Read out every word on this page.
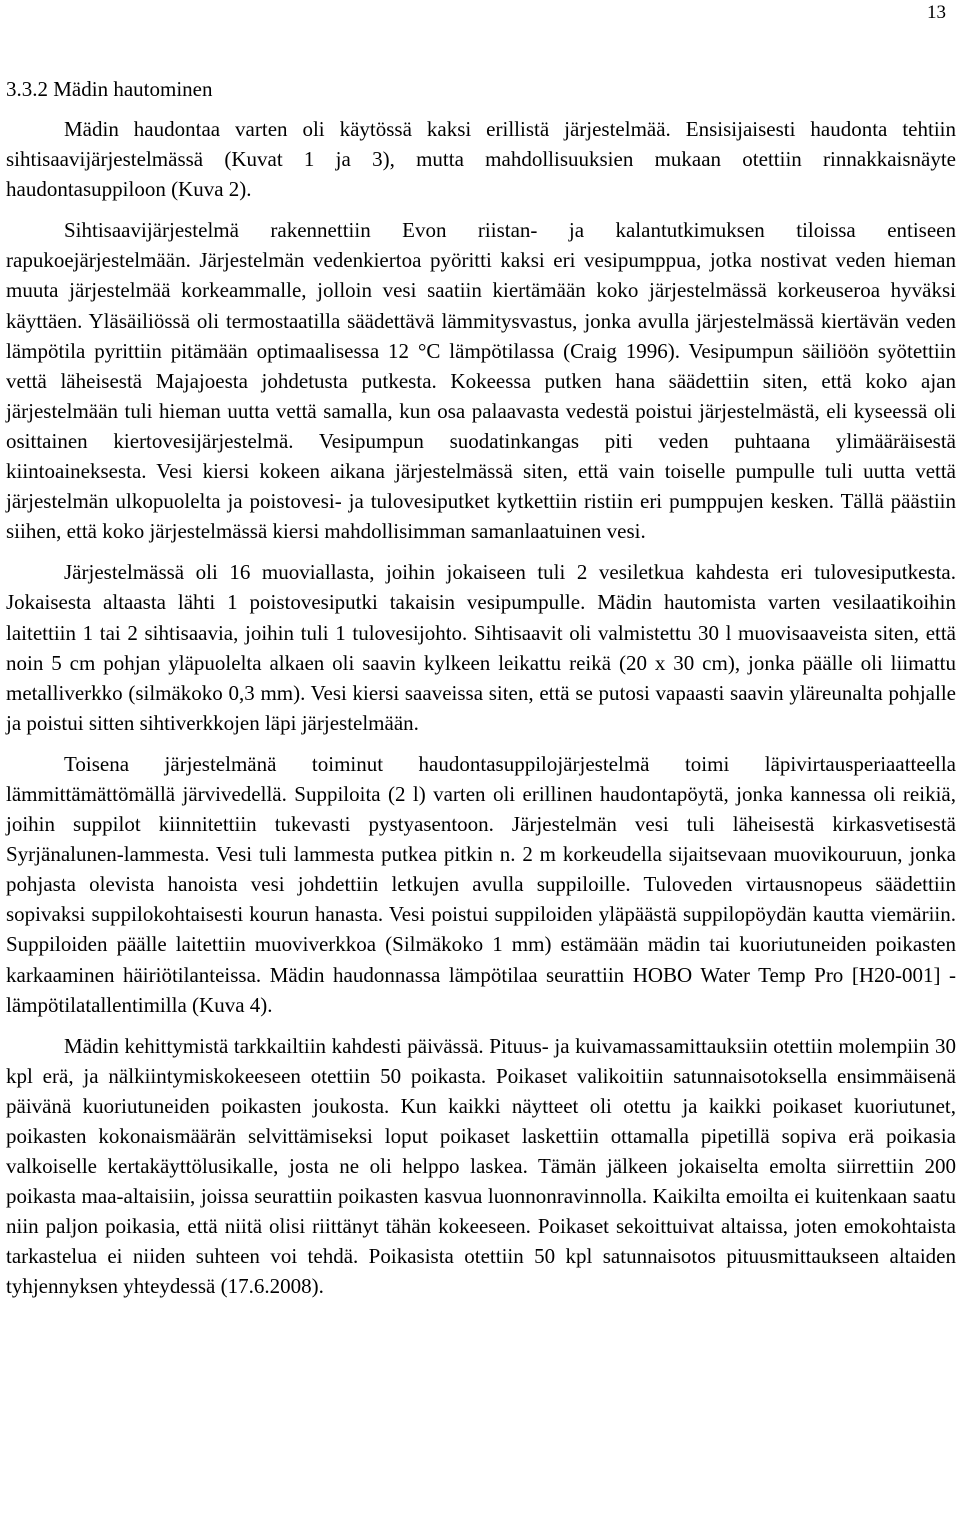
13
3.3.2 Mädin hautominen

Mädin haudontaa varten oli käytössä kaksi erillistä järjestelmää. Ensisijaisesti haudonta tehtiin sihtisaavijärjestelmässä (Kuvat 1 ja 3), mutta mahdollisuuksien mukaan otettiin rinnakkaisnäyte haudontasuppiloon (Kuva 2).

Sihtisaavijärjestelmä rakennettiin Evon riistan- ja kalantutkimuksen tiloissa entiseen rapukoejärjestelmään. Järjestelmän vedenkiertoa pyöritti kaksi eri vesipumppua, jotka nostivat veden hieman muuta järjestelmää korkeammalle, jolloin vesi saatiin kiertämään koko järjestelmässä korkeuseroa hyväksi käyttäen. Yläsäiliössä oli termostaatilla säädettävä lämmitysvastus, jonka avulla järjestelmässä kiertävän veden lämpötila pyrittiin pitämään optimaalisessa 12 °C lämpötilassa (Craig 1996). Vesipumpun säiliöön syötettiin vettä läheisestä Majajoesta johdetusta putkesta. Kokeessa putken hana säädettiin siten, että koko ajan järjestelmään tuli hieman uutta vettä samalla, kun osa palaavasta vedestä poistui järjestelmästä, eli kyseessä oli osittainen kiertovesijärjestelmä. Vesipumpun suodatinkangas piti veden puhtaana ylimääräisestä kiintoaineksesta. Vesi kiersi kokeen aikana järjestelmässä siten, että vain toiselle pumpulle tuli uutta vettä järjestelmän ulkopuolelta ja poistovesi- ja tulovesiputket kytkettiin ristiin eri pumppujen kesken. Tällä päästiin siihen, että koko järjestelmässä kiersi mahdollisimman samanlaatuinen vesi.

Järjestelmässä oli 16 muoviallasta, joihin jokaiseen tuli 2 vesiletkua kahdesta eri tulovesiputkesta. Jokaisesta altaasta lähti 1 poistovesiputki takaisin vesipumpulle. Mädin hautomista varten vesilaatikoihin laitettiin 1 tai 2 sihtisaavia, joihin tuli 1 tulovesijohto. Sihtisaavit oli valmistettu 30 l muovisaaveista siten, että noin 5 cm pohjan yläpuolelta alkaen oli saavin kylkeen leikattu reikä (20 x 30 cm), jonka päälle oli liimattu metalliverkko (silmäkoko 0,3 mm). Vesi kiersi saaveissa siten, että se putosi vapaasti saavin yläreunalta pohjalle ja poistui sitten sihtiverkkojen läpi järjestelmään.

Toisena järjestelmänä toiminut haudontasuppilojärjestelmä toimi läpivirtausperiaatteella lämmittämättömällä järvivedellä. Suppiloita (2 l) varten oli erillinen haudontapöytä, jonka kannessa oli reikiä, joihin suppilot kiinnitettiin tukevasti pystyasentoon. Järjestelmän vesi tuli läheisestä kirkasvetisestä Syrjänalunen-lammesta. Vesi tuli lammesta putkea pitkin n. 2 m korkeudella sijaitsevaan muovikouruun, jonka pohjasta olevista hanoista vesi johdettiin letkujen avulla suppiloille. Tuloveden virtausnopeus säädettiin sopivaksi suppilokohtaisesti kourun hanasta. Vesi poistui suppiloiden yläpäästä suppilopöydän kautta viemäriin. Suppiloiden päälle laitettiin muoviverkkoa (Silmäkoko 1 mm) estämään mädin tai kuoriutuneiden poikasten karkaaminen häiriötilanteissa. Mädin haudonnassa lämpötilaa seurattiin HOBO Water Temp Pro [H20-001] -lämpötilatallentimilla (Kuva 4).

Mädin kehittymistä tarkkailtiin kahdesti päivässä. Pituus- ja kuivamassamittauksiin otettiin molempiin 30 kpl erä, ja nälkiintymiskokeeseen otettiin 50 poikasta. Poikaset valikoitiin satunnaisotoksella ensimmäisenä päivänä kuoriutuneiden poikasten joukosta. Kun kaikki näytteet oli otettu ja kaikki poikaset kuoriutunet, poikasten kokonaismäärän selvittämiseksi loput poikaset laskettiin ottamalla pipetillä sopiva erä poikasia valkoiselle kertakäyttölusikalle, josta ne oli helppo laskea. Tämän jälkeen jokaiselta emolta siirrettiin 200 poikasta maa-altaisiin, joissa seurattiin poikasten kasvua luonnonravinnolla. Kaikilta emoilta ei kuitenkaan saatu niin paljon poikasia, että niitä olisi riittänyt tähän kokeeseen. Poikaset sekoittuivat altaissa, joten emokohtaista tarkastelua ei niiden suhteen voi tehdä. Poikasista otettiin 50 kpl satunnaisotos pituusmittaukseen altaiden tyhjennyksen yhteydessä (17.6.2008).
